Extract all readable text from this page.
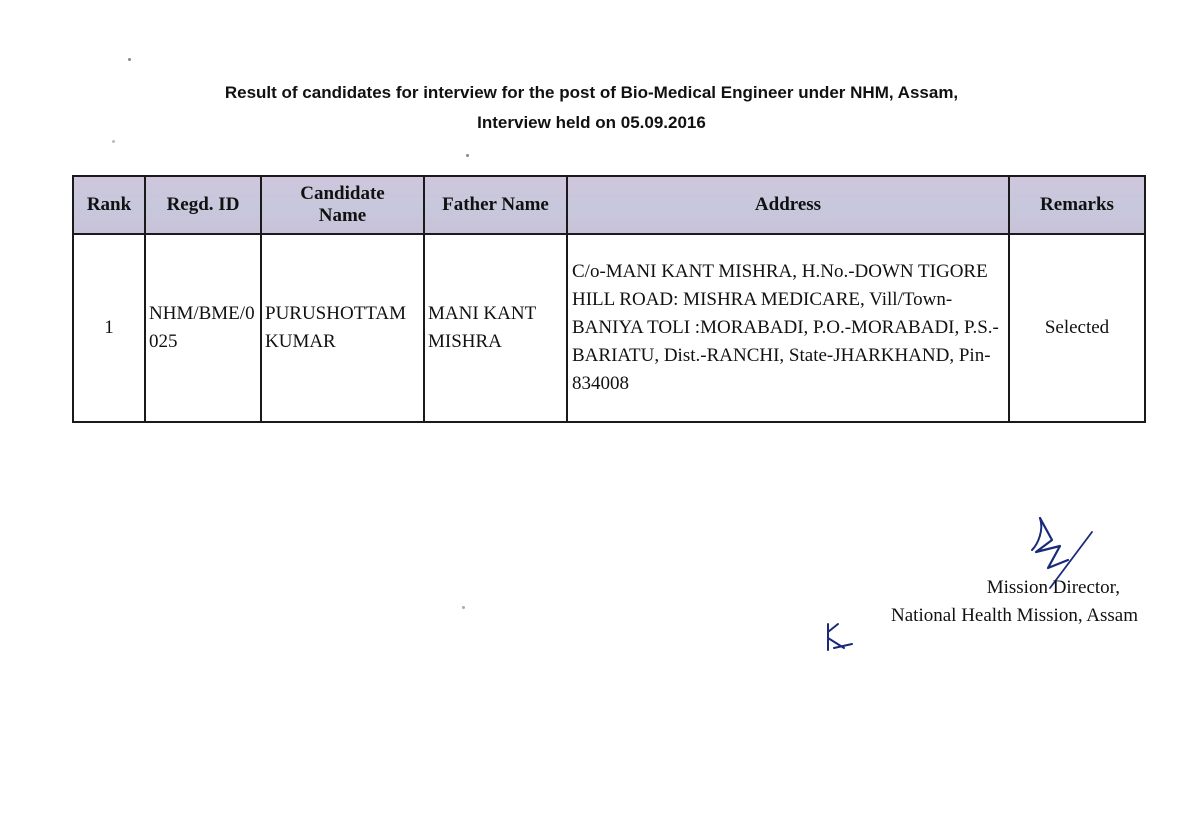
Result of candidates for interview for the post of Bio-Medical Engineer under NHM, Assam,
Interview held on 05.09.2016
Rank	Regd. ID	Candidate Name	Father Name	Address	Remarks
1	NHM/BME/0025	PURUSHOTTAM KUMAR	MANI KANT MISHRA	C/o-MANI KANT MISHRA, H.No.-DOWN TIGORE HILL ROAD: MISHRA MEDICARE, Vill/Town-BANIYA TOLI :MORABADI, P.O.-MORABADI, P.S.-BARIATU, Dist.-RANCHI, State-JHARKHAND, Pin-834008	Selected
Mission Director,
National Health Mission, Assam
